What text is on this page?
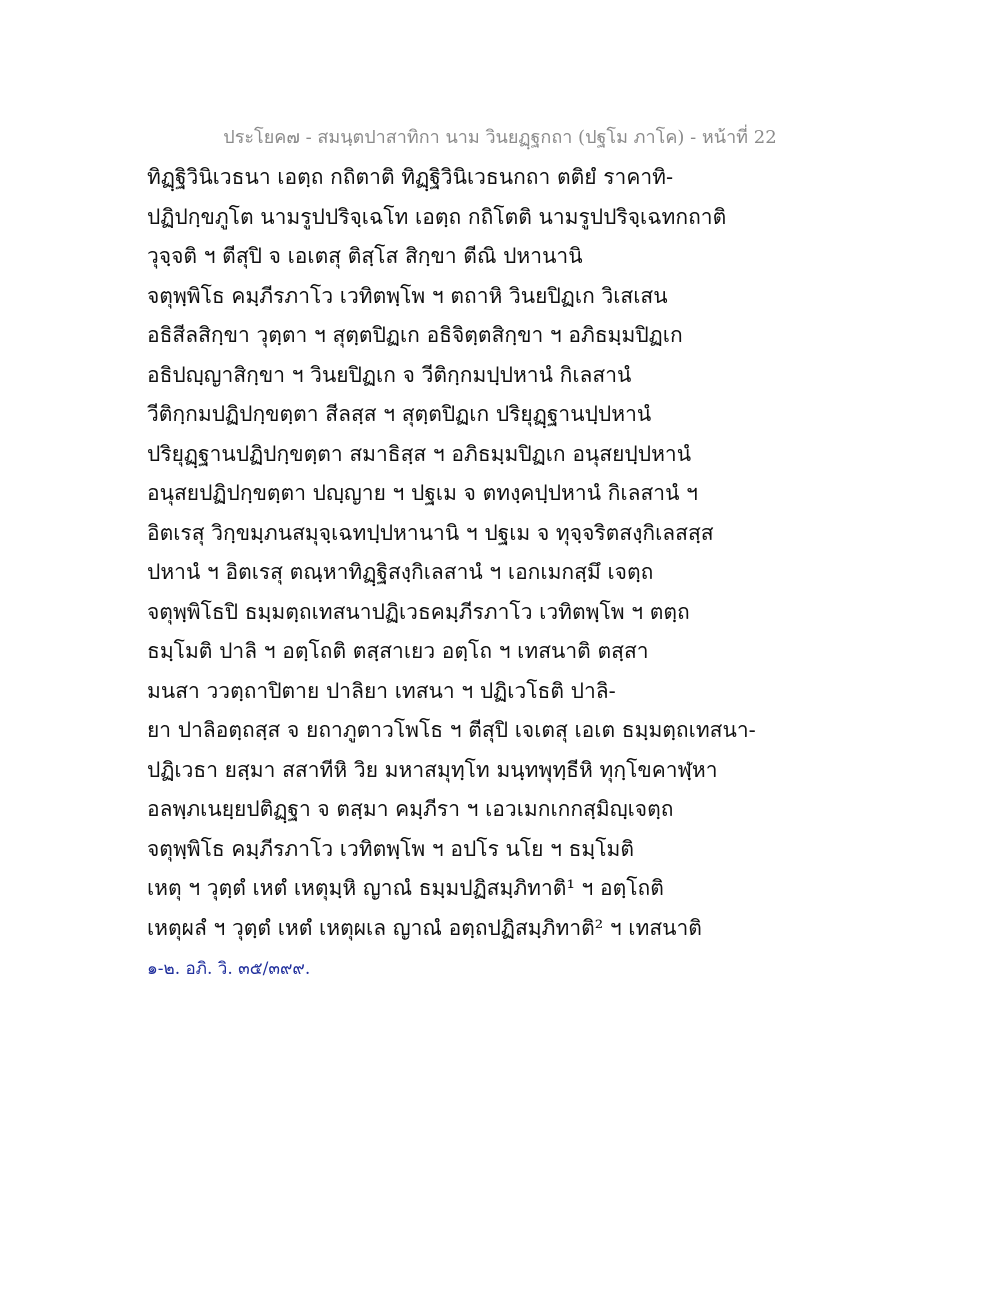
ประโยค๗ - สมนฺตปาสาทิกา นาม วินยฏฺฐกถา (ปฐโม ภาโค) - หน้าที่ 22
ทิฏฺฐิวินิเวธนา เอตฺถ กถิตาติ ทิฏฺฐิวินิเวธนกถา ตติยํ ราคาทิ-
ปฏิปกฺขภูโต นามรูปปริจฺเฉโท เอตฺถ กถิโตติ นามรูปปริจฺเฉทกถาติ
วุจฺจติ ฯ ตีสุปิ จ เอเตสุ ติสฺโส สิกฺขา ตีณิ ปหานานิ
จตุพฺพิโธ คมฺภีรภาโว เวทิตพฺโพ ฯ ตถาหิ วินยปิฏเก วิเสเสน
อธิสีลสิกฺขา วุตฺตา ฯ สุตฺตปิฏเก อธิจิตฺตสิกฺขา ฯ อภิธมฺมปิฏเก
อธิปญฺญาสิกฺขา ฯ วินยปิฏเก จ วีติกฺกมปฺปหานํ กิเลสานํ
วีติกฺกมปฏิปกฺขตฺตา สีลสฺส ฯ สุตฺตปิฏเก ปริยุฏฺฐานปฺปหานํ
ปริยุฏฺฐานปฏิปกฺขตฺตา สมาธิสฺส ฯ อภิธมฺมปิฏเก อนุสยปฺปหานํ
อนุสยปฏิปกฺขตฺตา ปญฺญาย ฯ ปฐเม จ ตทงฺคปฺปหานํ กิเลสานํ ฯ
อิตเรสุ วิกฺขมฺภนสมุจฺเฉทปฺปหานานิ ฯ ปฐเม จ ทุจฺจริตสงฺกิเลสสฺส
ปหานํ ฯ อิตเรสุ ตณฺหาทิฏฺฐิสงฺกิเลสานํ ฯ เอกเมกสฺมึ เจตฺถ
จตุพฺพิโธปิ ธมฺมตฺถเทสนาปฏิเวธคมฺภีรภาโว เวทิตพฺโพ ฯ ตตฺถ
ธมฺโมติ ปาลิ ฯ อตฺโถติ ตสฺสาเยว อตฺโถ ฯ เทสนาติ ตสฺสา
มนสา ววตฺถาปิตาย ปาลิยา เทสนา ฯ ปฏิเวโธติ ปาลิ-
ยา ปาลิอตฺถสฺส จ ยถาภูตาวโพโธ ฯ ตีสุปิ เจเตสุ เอเต ธมฺมตฺถเทสนา-
ปฏิเวธา ยสฺมา สสาทีหิ วิย มหาสมุทฺโท มนฺทพุทฺธีหิ ทุกฺโขคาฬฺหา
อลพฺภเนยฺยปติฏฺฐา จ ตสฺมา คมฺภีรา ฯ เอวเมกเกกสฺมิญฺเจตฺถ
จตุพฺพิโธ คมฺภีรภาโว เวทิตพฺโพ ฯ อปโร นโย ฯ ธมฺโมติ
เหตุ ฯ วุตฺตํ เหตํ เหตุมฺหิ ญาณํ ธมฺมปฏิสมฺภิทาติ¹ ฯ อตฺโถติ
เหตุผลํ ฯ วุตฺตํ เหตํ เหตุผเล ญาณํ อตฺถปฏิสมฺภิทาติ² ฯ เทสนาติ
๑-๒. อภิ. วิ. ๓๕/๓๙๙.
